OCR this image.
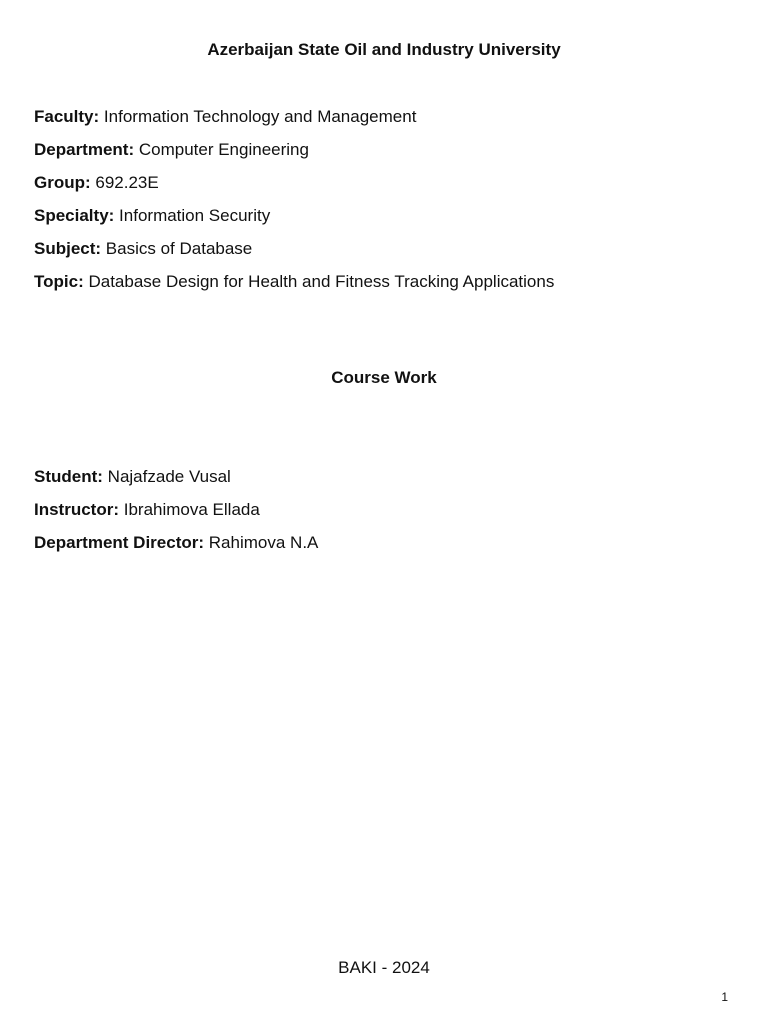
Azerbaijan State Oil and Industry University
Faculty: Information Technology and Management
Department: Computer Engineering
Group: 692.23E
Specialty: Information Security
Subject: Basics of Database
Topic: Database Design for Health and Fitness Tracking Applications
Course Work
Student: Najafzade Vusal
Instructor: Ibrahimova Ellada
Department Director: Rahimova N.A

BAKI - 2024

1
